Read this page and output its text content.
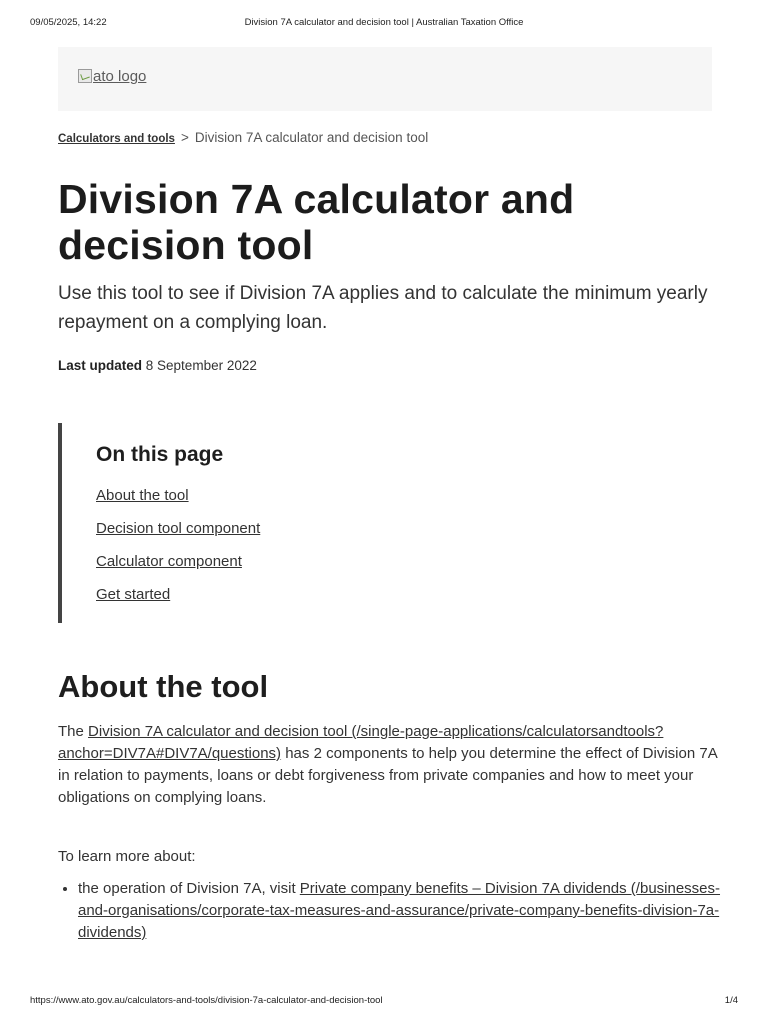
09/05/2025, 14:22	Division 7A calculator and decision tool | Australian Taxation Office
ato logo
Calculators and tools > Division 7A calculator and decision tool
Division 7A calculator and decision tool

Use this tool to see if Division 7A applies and to calculate the minimum yearly repayment on a complying loan.

Last updated 8 September 2022
On this page
About the tool
Decision tool component
Calculator component
Get started
About the tool

The Division 7A calculator and decision tool (/single-page-applications/calculatorsandtools?anchor=DIV7A#DIV7A/questions) has 2 components to help you determine the effect of Division 7A in relation to payments, loans or debt forgiveness from private companies and how to meet your obligations on complying loans.

To learn more about:

• the operation of Division 7A, visit Private company benefits – Division 7A dividends (/businesses-and-organisations/corporate-tax-measures-and-assurance/private-company-benefits-division-7a-dividends)
https://www.ato.gov.au/calculators-and-tools/division-7a-calculator-and-decision-tool	1/4
